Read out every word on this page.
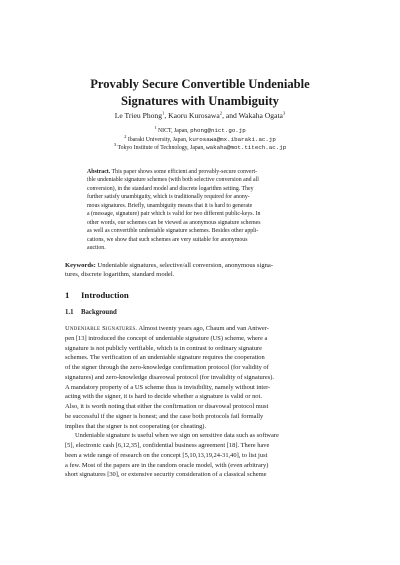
Provably Secure Convertible Undeniable
Signatures with Unambiguity
Le Trieu Phong$^1$, Kaoru Kurosawa$^2$, and Wakaha Ogata$^3$
$^1$ NICT, Japan, phong@nict.go.jp
$^2$ Ibaraki University, Japan, kurosawa@mx.ibaraki.ac.jp
$^3$ Tokyo Institute of Technology, Japan, wakaha@mot.titech.ac.jp
Abstract. This paper shows some efficient and provably-secure convert-
ible undeniable signature schemes (with both selective conversion and all
conversion), in the standard model and discrete logarithm setting. They
further satisfy unambiguity, which is traditionally required for anony-
mous signatures. Briefly, unambiguity means that it is hard to generate
a (message, signature) pair which is valid for two different public-keys. In
other words, our schemes can be viewed as anonymous signature schemes
as well as convertible undeniable signature schemes. Besides other appli-
cations, we show that such schemes are very suitable for anonymous
auction.
Keywords: Undeniable signatures, selective/all conversion, anonymous signa-
tures, discrete logarithm, standard model.
1 Introduction
1.1 Background
Undeniable Signatures. Almost twenty years ago, Chaum and van Antwer-
pen [13] introduced the concept of undeniable signature (US) scheme, where a
signature is not publicly verifiable, which is in contrast to ordinary signature
schemes. The verification of an undeniable signature requires the cooperation
of the signer through the zero-knowledge confirmation protocol (for validity of
signatures) and zero-knowledge disavowal protocol (for invalidity of signatures).
A mandatory property of a US scheme thus is invisibility, namely without inter-
acting with the signer, it is hard to decide whether a signature is valid or not.
Also, it is worth noting that either the confirmation or disavowal protocol must
be successful if the signer is honest; and the case both protocols fail formally
implies that the signer is not cooperating (or cheating).
Undeniable signature is useful when we sign on sensitive data such as software
[5], electronic cash [6,12,35], confidential business agreement [18]. There have
been a wide range of research on the concept [5,10,13,19,24-31,40], to list just
a few. Most of the papers are in the random oracle model, with (even arbitrary)
short signatures [30], or extensive security consideration of a classical scheme
